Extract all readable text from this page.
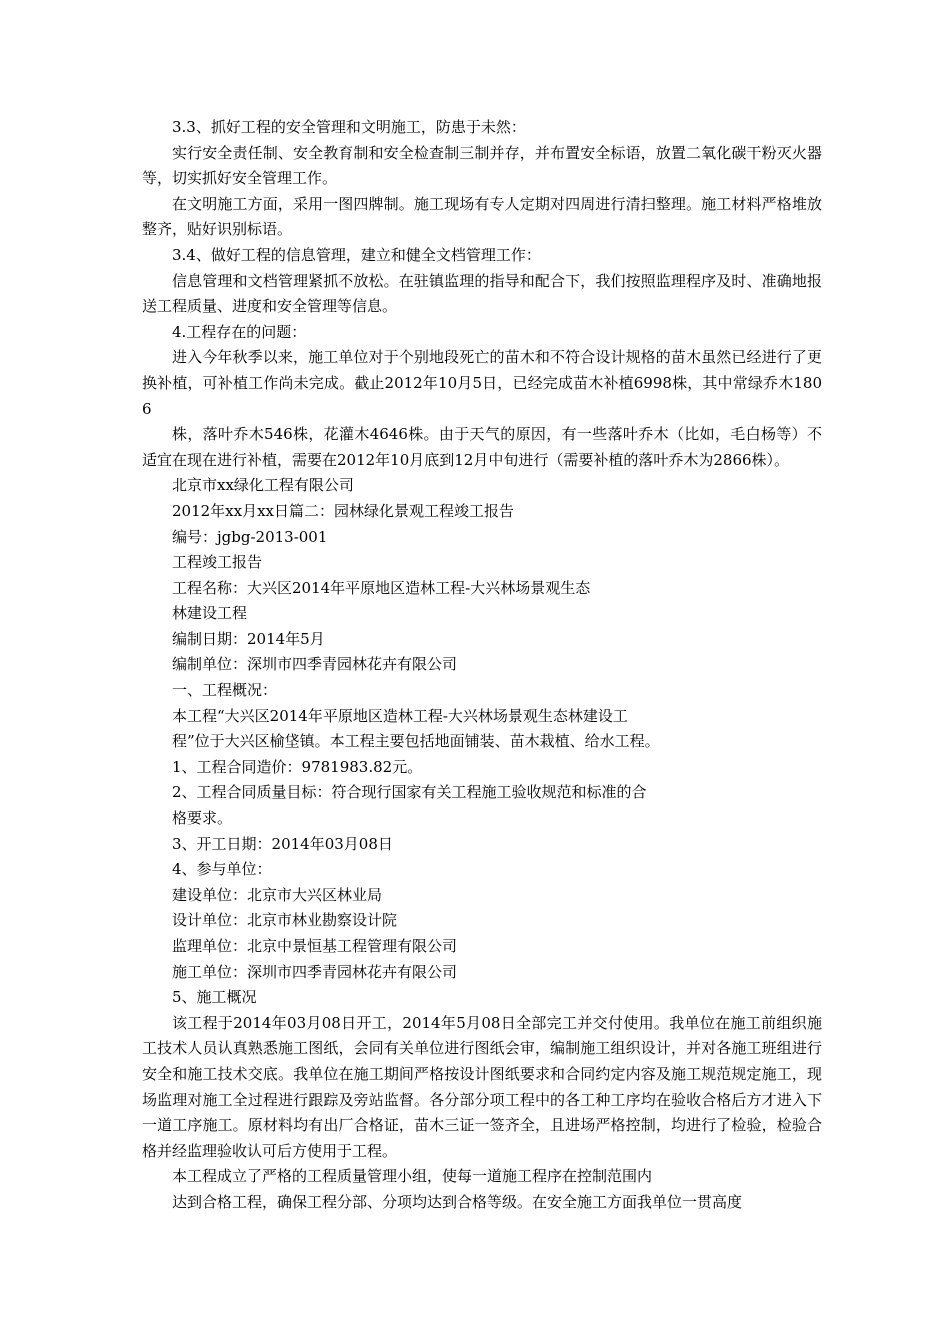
3.3、抓好工程的安全管理和文明施工，防患于未然：

实行安全责任制、安全教育制和安全检查制三制并存，并布置安全标语，放置二氧化碳干粉灭火器等，切实抓好安全管理工作。

在文明施工方面，采用一图四牌制。施工现场有专人定期对四周进行清扫整理。施工材料严格堆放整齐，贴好识别标语。

3.4、做好工程的信息管理，建立和健全文档管理工作：

信息管理和文档管理紧抓不放松。在驻镇监理的指导和配合下，我们按照监理程序及时、准确地报送工程质量、进度和安全管理等信息。

4.工程存在的问题：

进入今年秋季以来，施工单位对于个别地段死亡的苗木和不符合设计规格的苗木虽然已经进行了更换补植，可补植工作尚未完成。截止2012年10月5日，已经完成苗木补植6998株，其中常绿乔木1806

株，落叶乔木546株，花灌木4646株。由于天气的原因，有一些落叶乔木（比如，毛白杨等）不适宜在现在进行补植，需要在2012年10月底到12月中旬进行（需要补植的落叶乔木为2866株）。

北京市xx绿化工程有限公司

2012年xx月xx日篇二：园林绿化景观工程竣工报告

编号：jgbg-2013-001

工程竣工报告

工程名称：大兴区2014年平原地区造林工程-大兴林场景观生态

林建设工程

编制日期：2014年5月

编制单位：深圳市四季青园林花卉有限公司

一、工程概况：

本工程“大兴区2014年平原地区造林工程-大兴林场景观生态林建设工

程”位于大兴区榆垡镇。本工程主要包括地面铺装、苗木栽植、给水工程。

1、工程合同造价：9781983.82元。

2、工程合同质量目标：符合现行国家有关工程施工验收规范和标准的合

格要求。

3、开工日期：2014年03月08日

4、参与单位：

建设单位：北京市大兴区林业局

设计单位：北京市林业勘察设计院

监理单位：北京中景恒基工程管理有限公司

施工单位：深圳市四季青园林花卉有限公司

5、施工概况

该工程于2014年03月08日开工，2014年5月08日全部完工并交付使用。我单位在施工前组织施工技术人员认真熟悉施工图纸，会同有关单位进行图纸会审，编制施工组织设计，并对各施工班组进行安全和施工技术交底。我单位在施工期间严格按设计图纸要求和合同约定内容及施工规范规定施工，现场监理对施工全过程进行跟踪及旁站监督。各分部分项工程中的各工种工序均在验收合格后方才进入下一道工序施工。原材料均有出厂合格证，苗木三证一签齐全，且进场严格控制，均进行了检验，检验合格并经监理验收认可后方使用于工程。

本工程成立了严格的工程质量管理小组，使每一道施工程序在控制范围内

达到合格工程，确保工程分部、分项均达到合格等级。在安全施工方面我单位一贯高度
